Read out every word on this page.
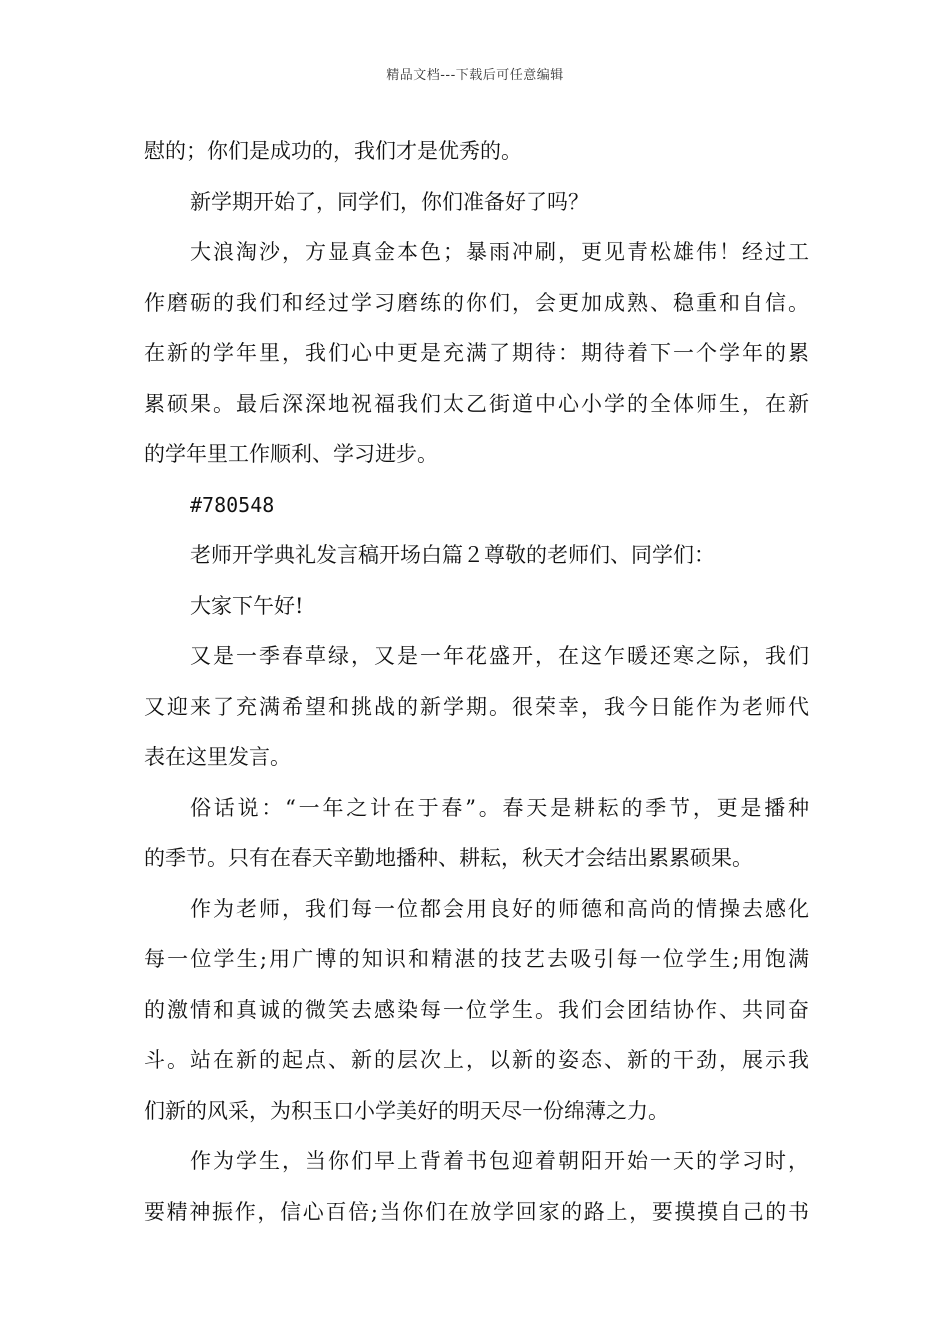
精品文档---下载后可任意编辑
慰的；你们是成功的，我们才是优秀的。
新学期开始了，同学们，你们准备好了吗？
大浪淘沙，方显真金本色；暴雨冲刷，更见青松雄伟！经过工
作磨砺的我们和经过学习磨练的你们，会更加成熟、稳重和自信。
在新的学年里，我们心中更是充满了期待：期待着下一个学年的累
累硕果。最后深深地祝福我们太乙街道中心小学的全体师生，在新
的学年里工作顺利、学习进步。
#780548
老师开学典礼发言稿开场白篇２尊敬的老师们、同学们：
大家下午好!
又是一季春草绿，又是一年花盛开，在这乍暖还寒之际，我们
又迎来了充满希望和挑战的新学期。很荣幸，我今日能作为老师代
表在这里发言。
俗话说：“一年之计在于春”。春天是耕耘的季节，更是播种
的季节。只有在春天辛勤地播种、耕耘，秋天才会结出累累硕果。
作为老师，我们每一位都会用良好的师德和高尚的情操去感化
每一位学生;用广博的知识和精湛的技艺去吸引每一位学生;用饱满
的激情和真诚的微笑去感染每一位学生。我们会团结协作、共同奋
斗。站在新的起点、新的层次上，以新的姿态、新的干劲，展示我
们新的风采，为积玉口小学美好的明天尽一份绵薄之力。
作为学生，当你们早上背着书包迎着朝阳开始一天的学习时，
要精神振作，信心百倍;当你们在放学回家的路上，要摸摸自己的书
